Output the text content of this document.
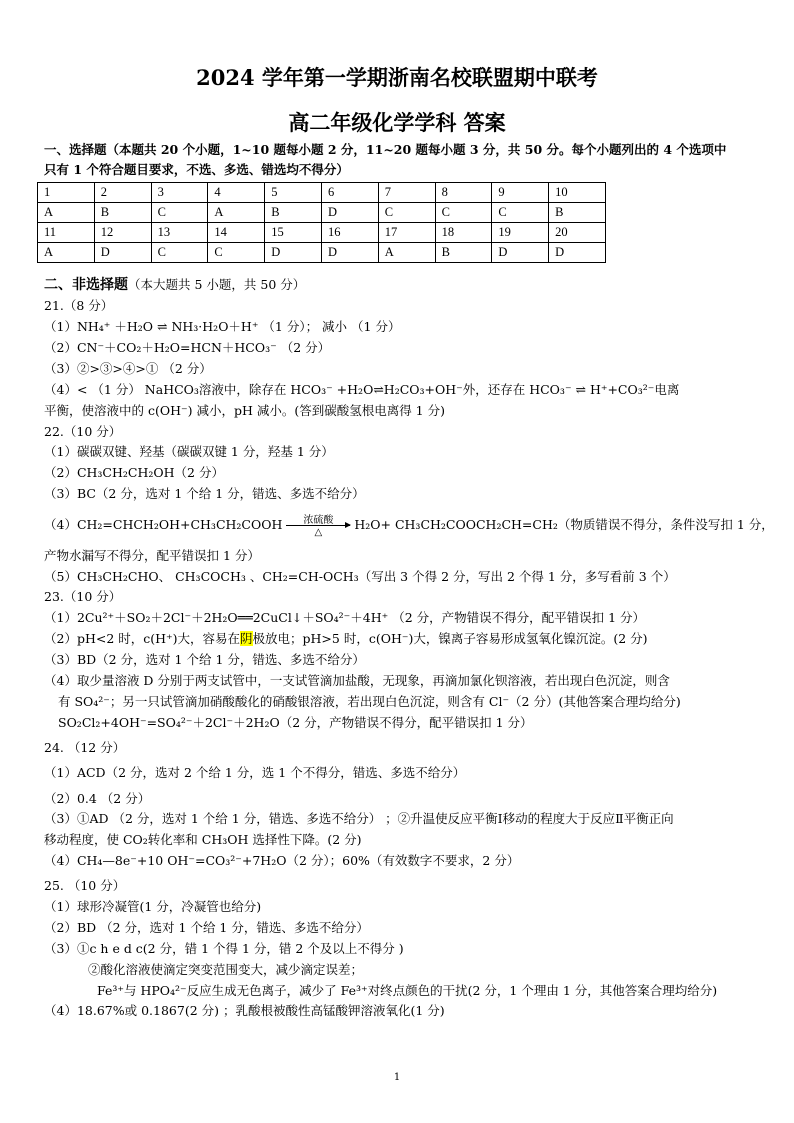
2024 学年第一学期浙南名校联盟期中联考
高二年级化学学科 答案
一、选择题（本题共 20 个小题，1~10 题每小题 2 分，11~20 题每小题 3 分，共 50 分。每个小题列出的 4 个选项中
只有 1 个符合题目要求，不选、多选、错选均不得分）
1	2	3	4	5	6	7	8	9	10
A	B	C	A	B	D	C	C	C	B
11	12	13	14	15	16	17	18	19	20
A	D	C	C	D	D	A	B	D	D
二、非选择题（本大题共 5 小题，共 50 分）
21.（8 分）
（1）NH₄⁺ ＋H₂O ⇌ NH₃·H₂O＋H⁺ （1 分）； 减小 （1 分）
（2）CN⁻＋CO₂＋H₂O=HCN＋HCO₃⁻ （2 分）
（3）②>③>④>① （2 分）
（4）< （1 分） NaHCO₃溶液中，除存在 HCO₃⁻ +H₂O⇌H₂CO₃+OH⁻外，还存在 HCO₃⁻ ⇌ H⁺+CO₃²⁻电离
平衡，使溶液中的 c(OH⁻) 减小，pH 减小。(答到碳酸氢根电离得 1 分)
22.（10 分）
（1）碳碳双键、羟基（碳碳双键 1 分，羟基 1 分）
（2）CH₃CH₂CH₂OH（2 分）
（3）BC（2 分，选对 1 个给 1 分，错选、多选不给分）
（4）CH₂=CHCH₂OH+CH₃CH₂COOH	浓硫酸
△
H₂O+ CH₃CH₂COOCH₂CH=CH₂（物质错误不得分，条件没写扣 1 分，
产物水漏写不得分，配平错误扣 1 分）
（5）CH₃CH₂CHO、 CH₃COCH₃ 、CH₂=CH-OCH₃（写出 3 个得 2 分，写出 2 个得 1 分，多写看前 3 个）
23.（10 分）
（1）2Cu²⁺＋SO₂＋2Cl⁻＋2H₂O══2CuCl↓＋SO₄²⁻＋4H⁺ （2 分，产物错误不得分，配平错误扣 1 分）
（2）pH<2 时，c(H⁺)大，容易在阴极放电；pH>5 时，c(OH⁻)大，镍离子容易形成氢氧化镍沉淀。(2 分)
（3）BD（2 分，选对 1 个给 1 分，错选、多选不给分）
（4）取少量溶液 D 分别于两支试管中，一支试管滴加盐酸，无现象，再滴加氯化钡溶液，若出现白色沉淀，则含
有 SO₄²⁻；另一只试管滴加硝酸酸化的硝酸银溶液，若出现白色沉淀，则含有 Cl⁻（2 分）(其他答案合理均给分)
SO₂Cl₂+4OH⁻=SO₄²⁻＋2Cl⁻＋2H₂O（2 分，产物错误不得分，配平错误扣 1 分）
24. （12 分）
（1）ACD（2 分，选对 2 个给 1 分，选 1 个不得分，错选、多选不给分）
（2）0.4 （2 分）
（3）①AD （2 分，选对 1 个给 1 分，错选、多选不给分） ；②升温使反应平衡Ⅰ移动的程度大于反应Ⅱ平衡正向
移动程度，使 CO₂转化率和 CH₃OH 选择性下降。(2 分)
（4）CH₄—8e⁻+10 OH⁻=CO₃²⁻+7H₂O（2 分）；60%（有效数字不要求，2 分）
25. （10 分）
（1）球形冷凝管(1 分，冷凝管也给分)
（2）BD （2 分，选对 1 个给 1 分，错选、多选不给分）
（3）①c h e d c(2 分，错 1 个得 1 分，错 2 个及以上不得分 )
②酸化溶液使滴定突变范围变大，减少滴定误差；
Fe³⁺与 HPO₄²⁻反应生成无色离子，减少了 Fe³⁺对终点颜色的干扰(2 分，1 个理由 1 分，其他答案合理均给分)
（4）18.67%或 0.1867(2 分) ；乳酸根被酸性高锰酸钾溶液氧化(1 分)
1
